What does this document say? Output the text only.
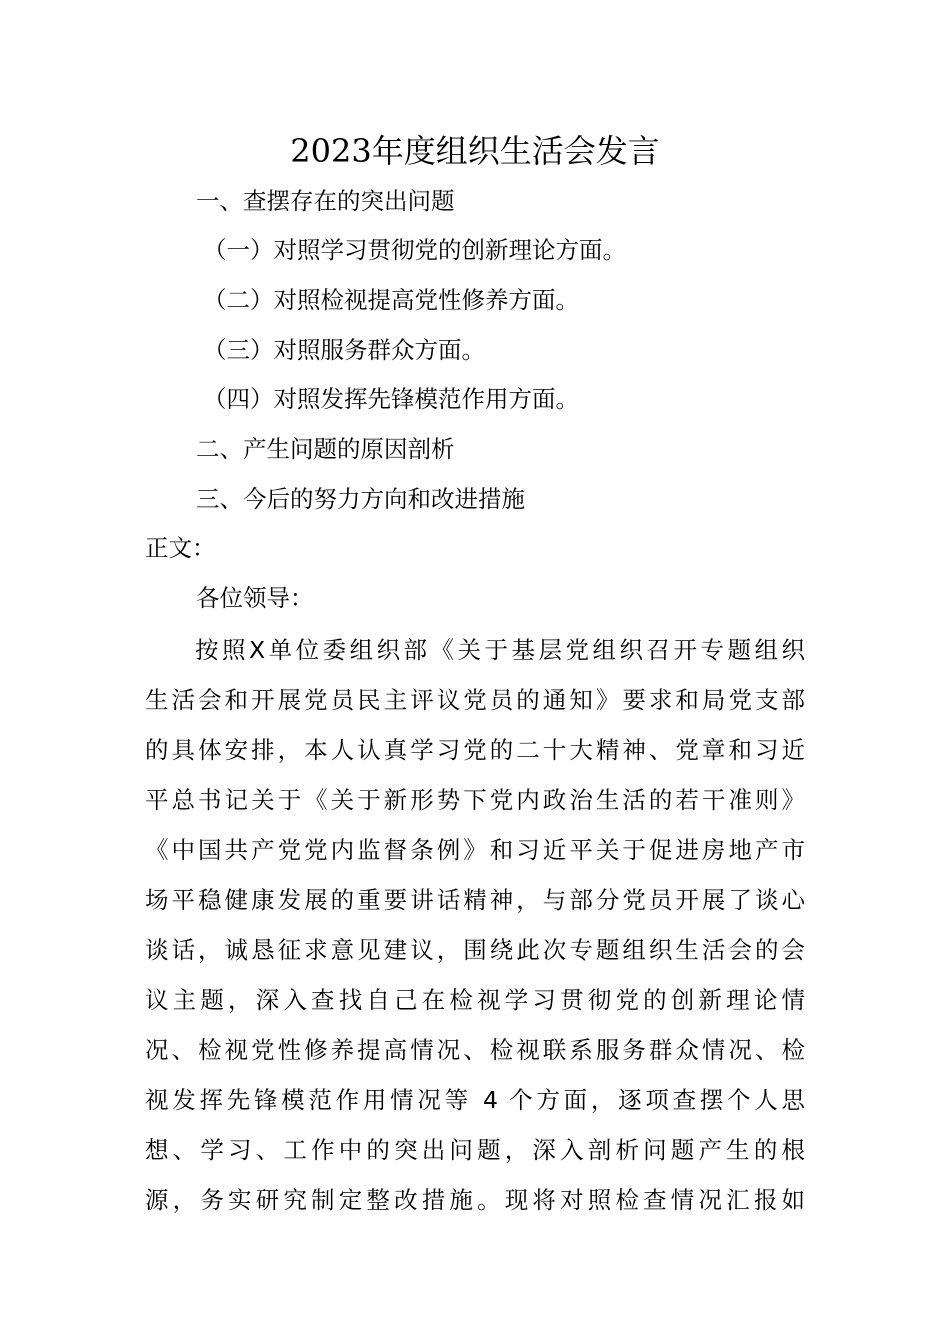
2023年度组织生活会发言
一、查摆存在的突出问题
（一）对照学习贯彻党的创新理论方面。
（二）对照检视提高党性修养方面。
（三）对照服务群众方面。
（四）对照发挥先锋模范作用方面。
二、产生问题的原因剖析
三、今后的努力方向和改进措施
正文：
各位领导：
按照X单位委组织部《关于基层党组织召开专题组织
生活会和开展党员民主评议党员的通知》要求和局党支部
的具体安排，本人认真学习党的二十大精神、党章和习近
平总书记关于《关于新形势下党内政治生活的若干准则》
《中国共产党党内监督条例》和习近平关于促进房地产市
场平稳健康发展的重要讲话精神，与部分党员开展了谈心
谈话，诚恳征求意见建议，围绕此次专题组织生活会的会
议主题，深入查找自己在检视学习贯彻党的创新理论情
况、检视党性修养提高情况、检视联系服务群众情况、检
视发挥先锋模范作用情况等 4 个方面，逐项查摆个人思
想、学习、工作中的突出问题，深入剖析问题产生的根
源，务实研究制定整改措施。现将对照检查情况汇报如
